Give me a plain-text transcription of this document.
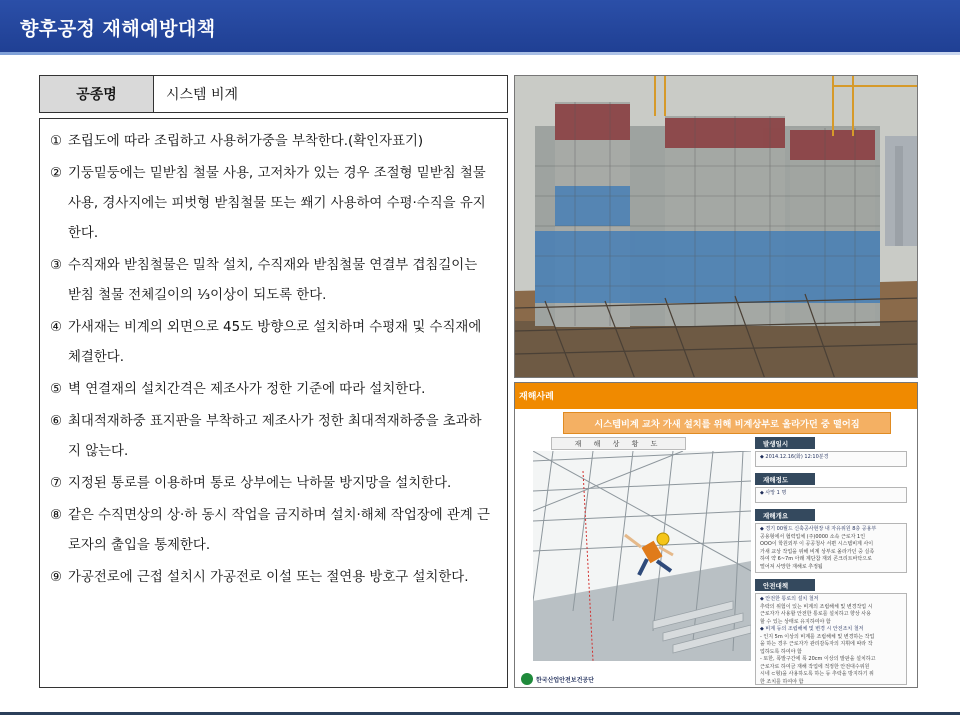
향후공정 재해예방대책
공종명	시스템 비계
① 조립도에 따라 조립하고 사용허가중을 부착한다.(확인자표기)
② 기둥밑둥에는 밑받침 철물 사용, 고저차가 있는 경우 조절형 밑받침 철물 사용, 경사지에는 피벗형 받침철물 또는 쐐기 사용하여 수평·수직을 유지한다.
③ 수직재와 받침철물은 밀착 설치, 수직재와 받침철물 연결부 겹침길이는 받침 철물 전체길이의 ⅓이상이 되도록 한다.
④ 가새재는 비계의 외면으로 45도 방향으로 설치하며 수평재 및 수직재에 체결한다.
⑤ 벽 연결재의 설치간격은 제조사가 정한 기준에 따라 설치한다.
⑥ 최대적재하중 표지판을 부착하고 제조사가 정한 최대적재하중을 초과하지 않는다.
⑦ 지정된 통로를 이용하며 통로 상부에는 낙하물 방지망을 설치한다.
⑧ 같은 수직면상의 상·하 동시 작업을 금지하며 설치·해체 작업장에 관계 근로자의 출입을 통제한다.
⑨ 가공전로에 근접 설치시 가공전로 이설 또는 절연용 방호구 설치한다.
재해사례
시스템비계 교차 가새 설치를 위해 비계상부로 올라가던 중 떨어짐
재 해 상 황 도	발생일시
◆ 2014.12.16(화) 12:10분경
재해정도
◆ 사망 1 명
재해개요
◆ 경기 00월드 신축공사현장 내 자유위원 8층 공용부
공용형에서 협력업체 (주)0000 소속 근로자 1인
OOO이 학원외부 이 공공청사 서편 시스템비계 사이
가새 교상 작업을 위해 비계 상부로 올라가던 중 실족
하여 약 6~7m 아래 계단참 재외 콘크리트바닥으로
떨어져 사망한 재해로 추정됨
안전대책
◆ 안전한 통로의 설치 철저
추락의 위험이 있는 비계의 조립해체 및 변경작업 시
근로자가 사용할 안전한 통로를 설치하고 향상 사용
할 수 있는 상태로 유지하여야 함
◆ 비계 등의 조립해체 및 변경 시 안전조치 철저
- 인지 5m 이상의 비계를 조립해체 및 변경하는 작업
을 하는 경우 근로자가 관리감독자의 지휘에 따라 작
업하도록 하여야 함
- 또한, 폭발구간에 폭 20cm 이상의 발판을 설치하고
근로자로 하여금 재해 작업에 적정한 안전대수위원
시네 ⊂형)을 사용하도록 하는 등 추락을 방지하기 위
한 조치를 하여야 함
한국산업안전보건공단
